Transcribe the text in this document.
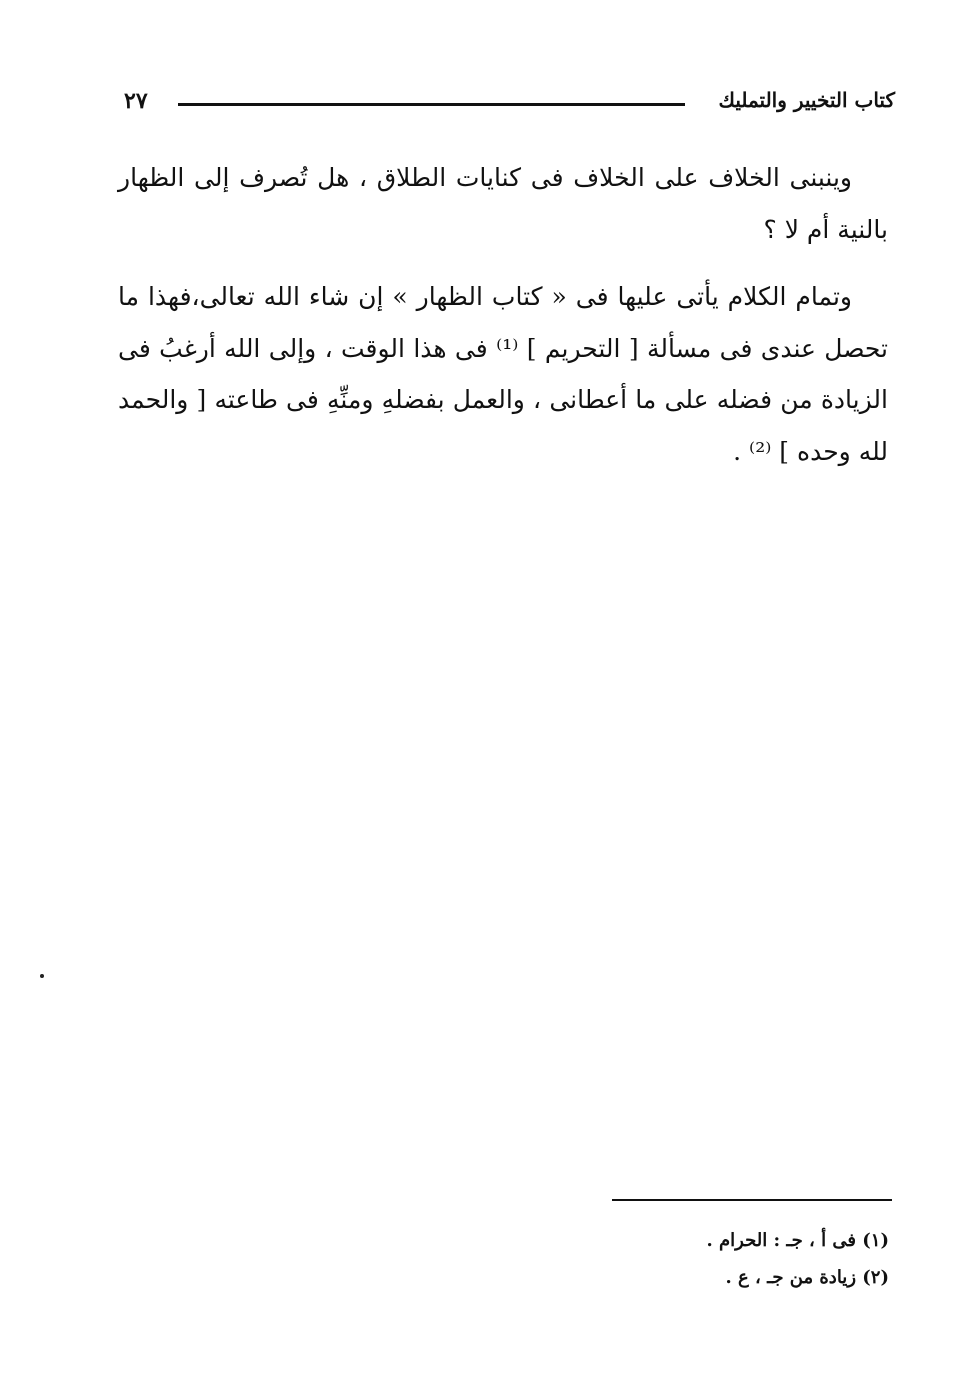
كتاب التخيير والتمليك
٢٧

وينبنى الخلاف على الخلاف فى كنايات الطلاق ، هل تُصرف إلى الظهار بالنية أم لا ؟

وتمام الكلام يأتى عليها فى « كتاب الظهار » إن شاء الله تعالى،فهذا ما تحصل عندى فى مسألة [ التحريم ] ⁽¹⁾ فى هذا الوقت ، وإلى الله أرغبُ فى الزيادة من فضله على ما أعطانى ، والعمل بفضلهِ ومنِّهِ فى طاعته [ والحمد لله وحده ] ⁽²⁾ .

(١) فى أ ، جـ : الحرام .
(٢) زيادة من جـ ، ع .
